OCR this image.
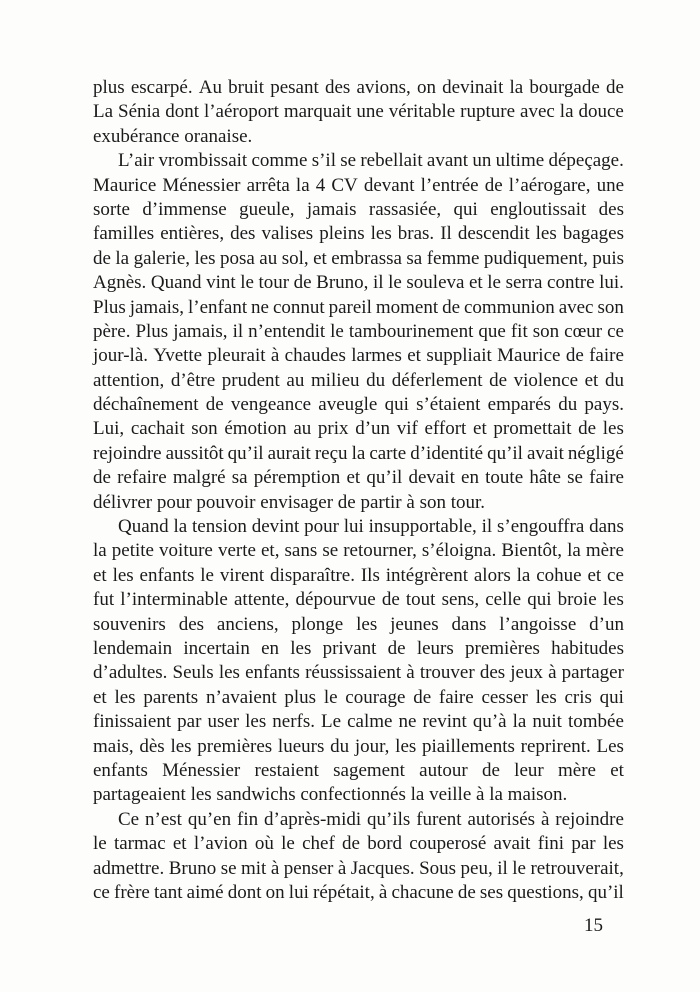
plus escarpé. Au bruit pesant des avions, on devinait la bourgade de
La Sénia dont l’aéroport marquait une véritable rupture avec la douce
exubérance oranaise.
L’air vrombissait comme s’il se rebellait avant un ultime dépeçage.
Maurice Ménessier arrêta la 4 CV devant l’entrée de l’aérogare, une
sorte d’immense gueule, jamais rassasiée, qui engloutissait des
familles entières, des valises pleins les bras. Il descendit les bagages
de la galerie, les posa au sol, et embrassa sa femme pudiquement, puis
Agnès. Quand vint le tour de Bruno, il le souleva et le serra contre lui.
Plus jamais, l’enfant ne connut pareil moment de communion avec son
père. Plus jamais, il n’entendit le tambourinement que fit son cœur ce
jour-là. Yvette pleurait à chaudes larmes et suppliait Maurice de faire
attention, d’être prudent au milieu du déferlement de violence et du
déchaînement de vengeance aveugle qui s’étaient emparés du pays.
Lui, cachait son émotion au prix d’un vif effort et promettait de les
rejoindre aussitôt qu’il aurait reçu la carte d’identité qu’il avait négligé
de refaire malgré sa péremption et qu’il devait en toute hâte se faire
délivrer pour pouvoir envisager de partir à son tour.
Quand la tension devint pour lui insupportable, il s’engouffra dans
la petite voiture verte et, sans se retourner, s’éloigna. Bientôt, la mère
et les enfants le virent disparaître. Ils intégrèrent alors la cohue et ce
fut l’interminable attente, dépourvue de tout sens, celle qui broie les
souvenirs des anciens, plonge les jeunes dans l’angoisse d’un
lendemain incertain en les privant de leurs premières habitudes
d’adultes. Seuls les enfants réussissaient à trouver des jeux à partager
et les parents n’avaient plus le courage de faire cesser les cris qui
finissaient par user les nerfs. Le calme ne revint qu’à la nuit tombée
mais, dès les premières lueurs du jour, les piaillements reprirent. Les
enfants Ménessier restaient sagement autour de leur mère et
partageaient les sandwichs confectionnés la veille à la maison.
Ce n’est qu’en fin d’après-midi qu’ils furent autorisés à rejoindre
le tarmac et l’avion où le chef de bord couperosé avait fini par les
admettre. Bruno se mit à penser à Jacques. Sous peu, il le retrouverait,
ce frère tant aimé dont on lui répétait, à chacune de ses questions, qu’il
15
